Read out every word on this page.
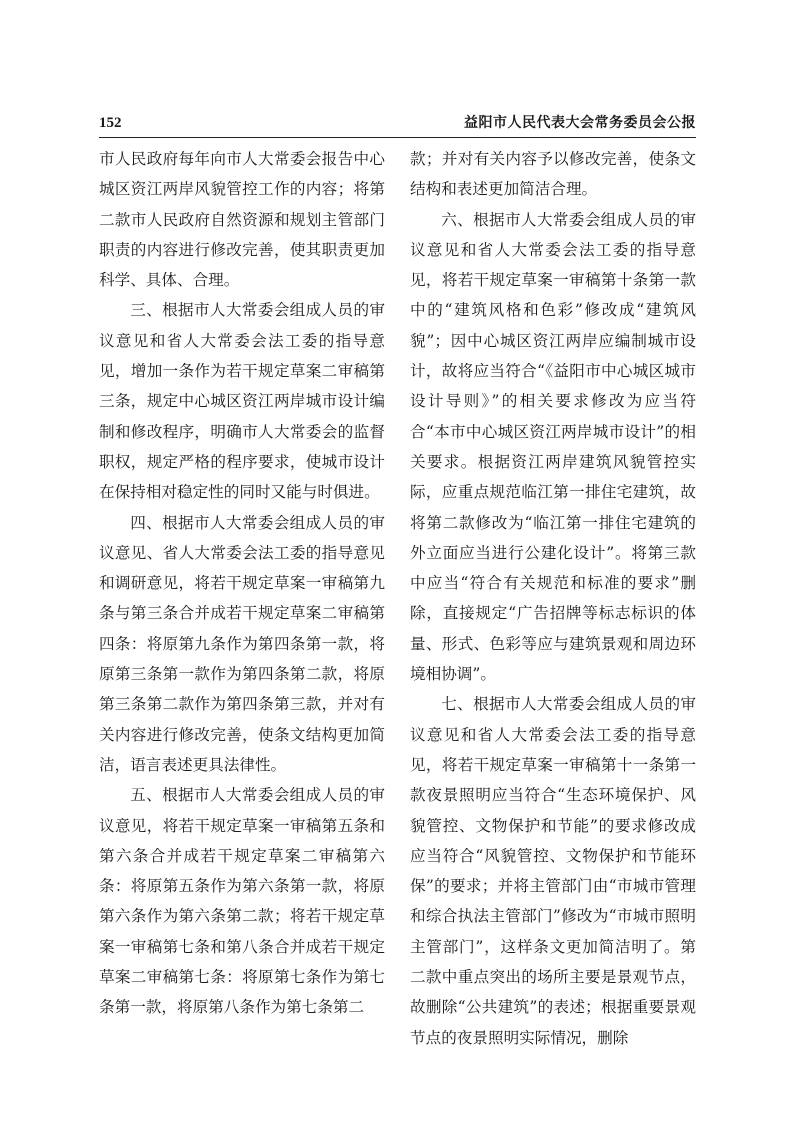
152	益阳市人民代表大会常务委员会公报

市人民政府每年向市人大常委会报告中心城区资江两岸风貌管控工作的内容；将第二款市人民政府自然资源和规划主管部门职责的内容进行修改完善，使其职责更加科学、具体、合理。

三、根据市人大常委会组成人员的审议意见和省人大常委会法工委的指导意见，增加一条作为若干规定草案二审稿第三条，规定中心城区资江两岸城市设计编制和修改程序，明确市人大常委会的监督职权，规定严格的程序要求，使城市设计在保持相对稳定性的同时又能与时俱进。

四、根据市人大常委会组成人员的审议意见、省人大常委会法工委的指导意见和调研意见，将若干规定草案一审稿第九条与第三条合并成若干规定草案二审稿第四条：将原第九条作为第四条第一款，将原第三条第一款作为第四条第二款，将原第三条第二款作为第四条第三款，并对有关内容进行修改完善，使条文结构更加简洁，语言表述更具法律性。

五、根据市人大常委会组成人员的审议意见，将若干规定草案一审稿第五条和第六条合并成若干规定草案二审稿第六条：将原第五条作为第六条第一款，将原第六条作为第六条第二款；将若干规定草案一审稿第七条和第八条合并成若干规定草案二审稿第七条：将原第七条作为第七条第一款，将原第八条作为第七条第二

款；并对有关内容予以修改完善，使条文结构和表述更加简洁合理。

六、根据市人大常委会组成人员的审议意见和省人大常委会法工委的指导意见，将若干规定草案一审稿第十条第一款中的“建筑风格和色彩”修改成“建筑风貌”；因中心城区资江两岸应编制城市设计，故将应当符合“《益阳市中心城区城市设计导则》”的相关要求修改为应当符合“本市中心城区资江两岸城市设计”的相关要求。根据资江两岸建筑风貌管控实际，应重点规范临江第一排住宅建筑，故将第二款修改为“临江第一排住宅建筑的外立面应当进行公建化设计”。将第三款中应当“符合有关规范和标准的要求”删除，直接规定“广告招牌等标志标识的体量、形式、色彩等应与建筑景观和周边环境相协调”。

七、根据市人大常委会组成人员的审议意见和省人大常委会法工委的指导意见，将若干规定草案一审稿第十一条第一款夜景照明应当符合“生态环境保护、风貌管控、文物保护和节能”的要求修改成应当符合“风貌管控、文物保护和节能环保”的要求；并将主管部门由“市城市管理和综合执法主管部门”修改为“市城市照明主管部门”，这样条文更加简洁明了。第二款中重点突出的场所主要是景观节点，故删除“公共建筑”的表述；根据重要景观节点的夜景照明实际情况，删除
